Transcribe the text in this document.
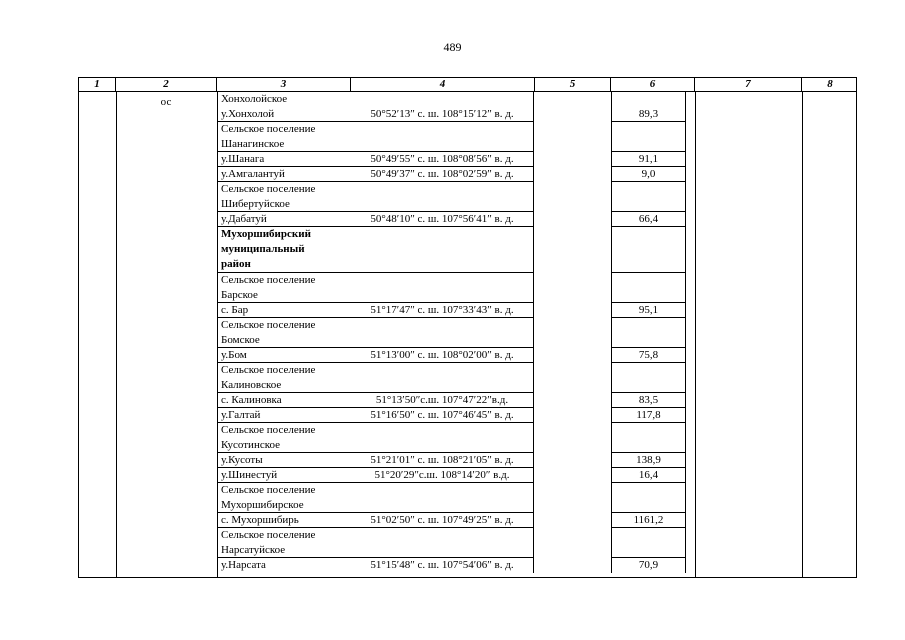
489
1	2	3	4	5	6	7	8
ос	Хонхолойское
у.Хонхолой	50°52′13″ с. ш. 108°15′12″ в. д.	89,3
Сельское поселение
Шанагинское
у.Шанага	50°49′55″ с. ш. 108°08′56″ в. д.	91,1
у.Амгалантуй	50°49′37″ с. ш. 108°02′59″ в. д.	9,0
Сельское поселение
Шибертуйское
у.Дабатуй	50°48′10″ с. ш. 107°56′41″ в. д.	66,4
Мухоршибирский
муниципальный
район
Сельское поселение
Барское
с. Бар	51°17′47″ с. ш. 107°33′43″ в. д.	95,1
Сельское поселение
Бомское
у.Бом	51°13′00″ с. ш. 108°02′00″ в. д.	75,8
Сельское поселение
Калиновское
с. Калиновка	51°13′50″с.ш. 107°47′22″в.д.	83,5
у.Галтай	51°16′50″ с. ш. 107°46′45″ в. д.	117,8
Сельское поселение
Кусотинское
у.Кусоты	51°21′01″ с. ш. 108°21′05″ в. д.	138,9
у.Шинестуй	51°20′29″с.ш. 108°14′20″ в.д.	16,4
Сельское поселение
Мухоршибирское
с. Мухоршибирь	51°02′50″ с. ш. 107°49′25″ в. д.	1161,2
Сельское поселение
Нарсатуйское
у.Нарсата	51°15′48″ с. ш. 107°54′06″ в. д.	70,9
